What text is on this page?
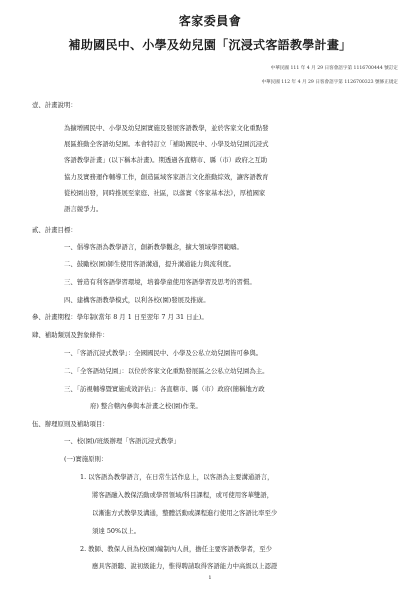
客家委員會
補助國民中、小學及幼兒園「沉浸式客語教學計畫」
中華民國 111 年 4 月 29 日客會語字第 1116700444 號訂定
中華民國 112 年 4 月 29 日客會語字第 1126700323 號修正規定
壹、計畫說明：
為擴增國民中、小學及幼兒園實施及發展客語教學，並於客家文化重點發
展區推動全客語幼兒園。本會特訂立「補助國民中、小學及幼兒園沉浸式
客語教學計畫」(以下稱本計畫)。期透過各直轄市、縣（市）政府之互助
協力及實務運作輔導工作，創造區域客家語言文化推動綜效，讓客語教育
從校園出發，同時推展至家庭、社區，以落實《客家基本法》，厚植國家
語言競爭力。
貳、計畫目標：
一、倡導客語為教學語言，創新教學觀念，擴大領域學習範疇。
二、鼓勵校(園)師生使用客語溝通，提升溝通能力與流利度。
三、營造有利客語學習環境，培養學童使用客語學習及思考的習慣。
四、建構客語教學模式，以利各校(園)發展及推廣。
參、計畫期程：學年制(當年 8 月 1 日至翌年 7 月 31 日止)。
肆、補助類別及對象條件：
一、「客語沉浸式教學」：全國國民中、小學及公私立幼兒園皆可參與。
二、「全客語幼兒園」：以位於客家文化重點發展區之公私立幼兒園為主。
三、「訪視輔導暨實施成效評估」：各直轄市、縣（市）政府(簡稱地方政
府) 整合轄內參與本計畫之校(園)作業。
伍、辦理原則及補助項目：
一、校(園)/班級辦理「客語沉浸式教學」
(一)實施原則：
1. 以客語為教學語言，在日常生活作息上，以客語為主要溝通語言，
將客語融入教保活動或學習領域/科目課程，或可使用客華雙語，
以漸進方式教學及溝通，整體活動或課程進行使用之客語比率至少
須達 50%以上。
2. 教師、教保人員為校(園)編制內人員，擔任主要客語教學者，至少
應具客語聽、說初級能力，惟得聘請取得客語能力中高級以上認證
1
